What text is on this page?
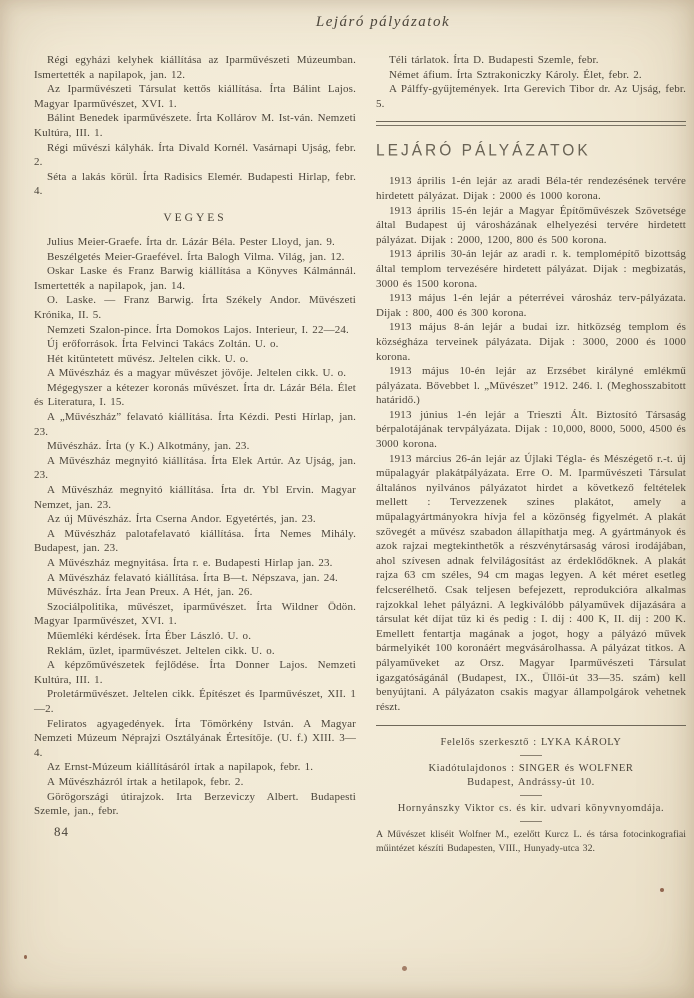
Lejáró pályázatok

Régi egyházi kelyhek kiállítása az Iparművészeti Múzeumban. Ismertették a napilapok, jan. 12.

Az Iparművészeti Társulat kettős kiállítása. Írta Bálint Lajos. Magyar Iparművészet, XVI. 1.

Bálint Benedek iparművészete. Írta Kollárov M. Ist-ván. Nemzeti Kultúra, III. 1.

Régi művészi kályhák. Írta Divald Kornél. Vasárnapi Ujság, febr. 2.

Séta a lakás körül. Írta Radisics Elemér. Budapesti Hirlap, febr. 4.

VEGYES

Julius Meier-Graefe. Írta dr. Lázár Béla. Pester Lloyd, jan. 9.

Beszélgetés Meier-Graefével. Írta Balogh Vilma. Világ, jan. 12.

Oskar Laske és Franz Barwig kiállítása a Könyves Kálmánnál. Ismertették a napilapok, jan. 14.

O. Laske. — Franz Barwig. Írta Székely Andor. Művészeti Krónika, II. 5.

Nemzeti Szalon-pince. Írta Domokos Lajos. Interieur, I. 22—24.

Új erőforrások. Írta Felvinci Takács Zoltán. U. o.

Hét kitüntetett művész. Jeltelen cikk. U. o.

A Művészház és a magyar művészet jövője. Jeltelen cikk. U. o.

Mégegyszer a kétezer koronás művészet. Írta dr. Lázár Béla. Élet és Literatura, I. 15.

A „Művészház” felavató kiállítása. Írta Kézdi. Pesti Hírlap, jan. 23.

Művészház. Írta (y K.) Alkotmány, jan. 23.

A Művészház megnyitó kiállítása. Írta Elek Artúr. Az Ujság, jan. 23.

A Művészház megnyitó kiállítása. Írta dr. Ybl Ervin. Magyar Nemzet, jan. 23.

Az új Művészház. Írta Cserna Andor. Egyetértés, jan. 23.

A Művészház palotafelavató kiállítása. Írta Nemes Mihály. Budapest, jan. 23.

A Művészház megnyitása. Írta r. e. Budapesti Hirlap jan. 23.

A Művészház felavató kiállítása. Írta B—t. Népszava, jan. 24.

Művészház. Írta Jean Preux. A Hét, jan. 26.

Szociálpolitika, művészet, iparművészet. Írta Wildner Ödön. Magyar Iparművészet, XVI. 1.

Műemléki kérdések. Írta Éber László. U. o.

Reklám, üzlet, iparművészet. Jeltelen cikk. U. o.

A képzőművészetek fejlődése. Írta Donner Lajos. Nemzeti Kultúra, III. 1.

Proletárművészet. Jeltelen cikk. Építészet és Iparművészet, XII. 1—2.

Feliratos agyagedények. Írta Tömörkény István. A Magyar Nemzeti Múzeum Néprajzi Osztályának Értesítője. (U. f.) XIII. 3—4.

Az Ernst-Múzeum kiállításáról írtak a napilapok, febr. 1.

A Művészházról írtak a hetilapok, febr. 2.

Görögországi útirajzok. Irta Berzeviczy Albert. Budapesti Szemle, jan., febr.

84

Téli tárlatok. Írta D. Budapesti Szemle, febr.

Német áfium. Írta Sztrakoniczky Károly. Élet, febr. 2.

A Pálffy-gyűjtemények. Irta Gerevich Tibor dr. Az Ujság, febr. 5.

LEJÁRÓ PÁLYÁZATOK

1913 április 1-én lejár az aradi Béla-tér rendezésének tervére hirdetett pályázat. Dijak : 2000 és 1000 korona.

1913 április 15-én lejár a Magyar Építőművészek Szövetsége által Budapest új városházának elhelyezési tervére hirdetett pályázat. Dijak : 2000, 1200, 800 és 500 korona.

1913 április 30-án lejár az aradi r. k. templomépítő bizottság által templom tervezésére hirdetett pályázat. Dijak : megbizatás, 3000 és 1500 korona.

1913 május 1-én lejár a péterrévei városház terv-pályázata. Dijak : 800, 400 és 300 korona.

1913 május 8-án lejár a budai izr. hitközség templom és községháza terveinek pályázata. Dijak : 3000, 2000 és 1000 korona.

1913 május 10-én lejár az Erzsébet királyné emlékmű pályázata. Bővebbet l. „Művészet” 1912. 246. l. (Meghosszabitott határidő.)

1913 június 1-én lejár a Trieszti Ált. Biztosító Társaság bérpalotájának tervpályázata. Dijak : 10,000, 8000, 5000, 4500 és 3000 korona.

1913 március 26-án lejár az Újlaki Tégla- és Mészégető r.-t. új műpalagyár plakátpályázata. Erre O. M. Iparművészeti Társulat általános nyilvános pályázatot hirdet a következő feltételek mellett : Tervezzenek szines plakátot, amely a műpalagyártmányokra hívja fel a közönség figyelmét. A plakát szövegét a művész szabadon állapíthatja meg. A gyártmányok és azok rajzai megtekinthetők a részvénytársaság városi irodájában, ahol szívesen adnak felvilágosítást az érdeklődőknek. A plakát rajza 63 cm széles, 94 cm magas legyen. A két méret esetleg felcserélhető. Csak teljesen befejezett, reprodukcióra alkalmas rajzokkal lehet pályázni. A legkiválóbb pályaművek díjazására a társulat két díjat tűz ki és pedig : I. dij : 400 K, II. dij : 200 K. Emellett fentartja magának a jogot, hogy a pályázó művek bármelyikét 100 koronáért megvásárolhassa. A pályázat titkos. A pályaműveket az Orsz. Magyar Iparművészeti Társulat igazgatóságánál (Budapest, IX., Üllői-út 33—35. szám) kell benyújtani. A pályázaton csakis magyar állampolgárok vehetnek részt.

Felelős szerkesztő : LYKA KÁROLY

Kiadótulajdonos : SINGER és WOLFNER

Budapest, Andrássy-út 10.

Hornyánszky Viktor cs. és kir. udvari könyvnyomdája.

A Művészet kliséit Wolfner M., ezelőtt Kurcz L. és társa fotocinkografiai műintézet készíti Budapesten, VIII., Hunyady-utca 32.
